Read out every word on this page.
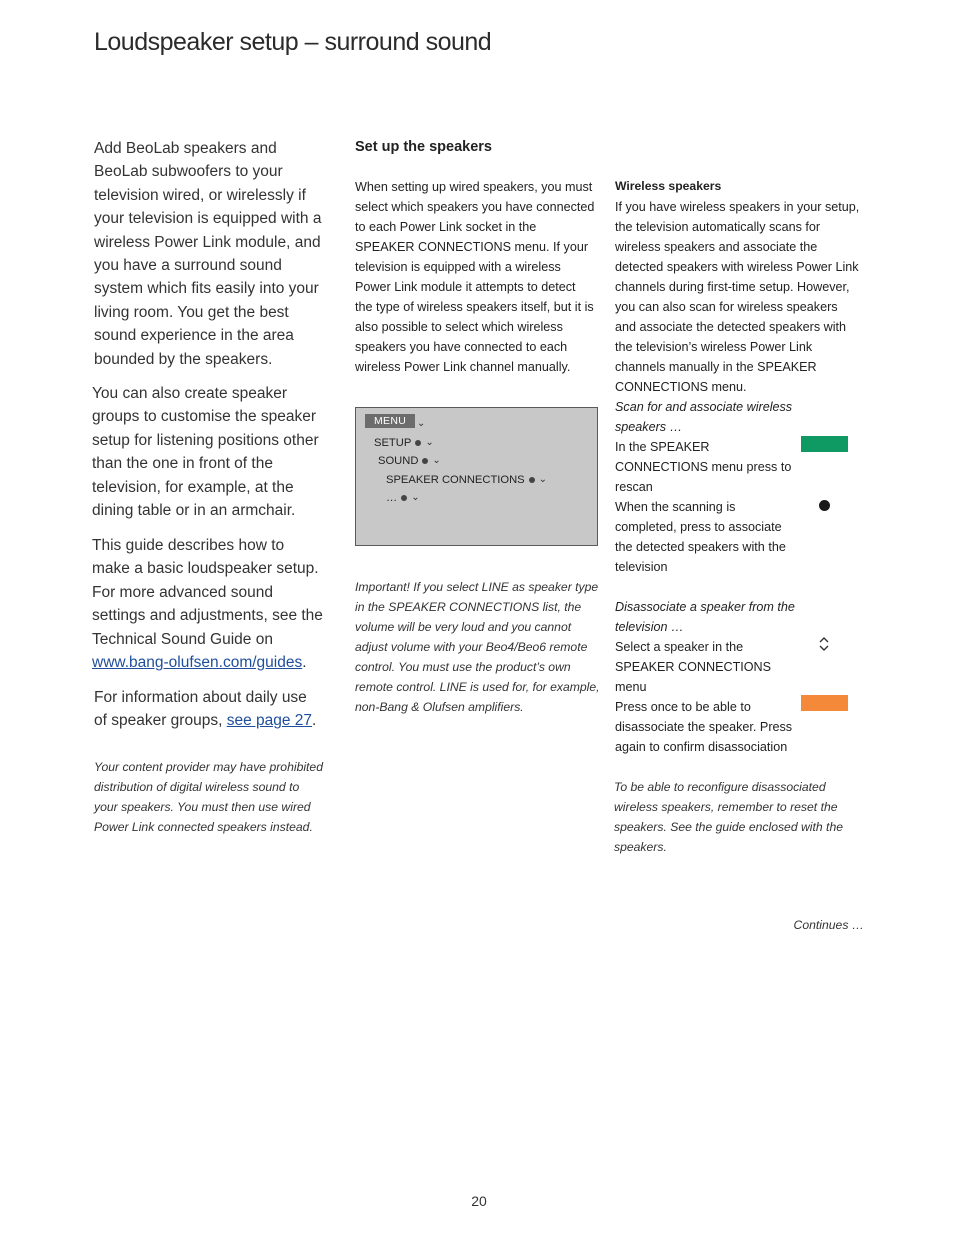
Loudspeaker setup – surround sound

Add BeoLab speakers and BeoLab subwoofers to your television wired, or wirelessly if your television is equipped with a wireless Power Link module, and you have a surround sound system which fits easily into your living room. You get the best sound experience in the area bounded by the speakers.

You can also create speaker groups to customise the speaker setup for listening positions other than the one in front of the television, for example, at the dining table or in an armchair.

This guide describes how to make a basic loudspeaker setup. For more advanced sound settings and adjustments, see the Technical Sound Guide on www.bang-olufsen.com/guides.

For information about daily use of speaker groups, see page 27.

Your content provider may have prohibited distribution of digital wireless sound to your speakers. You must then use wired Power Link connected speakers instead.
Set up the speakers
When setting up wired speakers, you must select which speakers you have connected to each Power Link socket in the SPEAKER CONNECTIONS menu. If your television is equipped with a wireless Power Link module it attempts to detect the type of wireless speakers itself, but it is also possible to select which wireless speakers you have connected to each wireless Power Link channel manually.
MENU	⌄
SETUP ⌄
SOUND ⌄
SPEAKER CONNECTIONS ⌄
… ⌄
Important! If you select LINE as speaker type in the SPEAKER CONNECTIONS list, the volume will be very loud and you cannot adjust volume with your Beo4/Beo6 remote control. You must use the product’s own remote control. LINE is used for, for example, non-Bang & Olufsen amplifiers.
Wireless speakers
If you have wireless speakers in your setup, the television automatically scans for wireless speakers and associate the detected speakers with wireless Power Link channels during first-time setup. However, you can also scan for wireless speakers and associate the detected speakers with the television’s wireless Power Link channels manually in the SPEAKER CONNECTIONS menu.
Scan for and associate wireless speakers …
In the SPEAKER CONNECTIONS menu press to rescan
When the scanning is completed, press to associate the detected speakers with the television
Disassociate a speaker from the television …
Select a speaker in the SPEAKER CONNECTIONS menu
Press once to be able to disassociate the speaker. Press again to confirm disassociation
To be able to reconfigure disassociated wireless speakers, remember to reset the speakers. See the guide enclosed with the speakers.
Continues …
20
